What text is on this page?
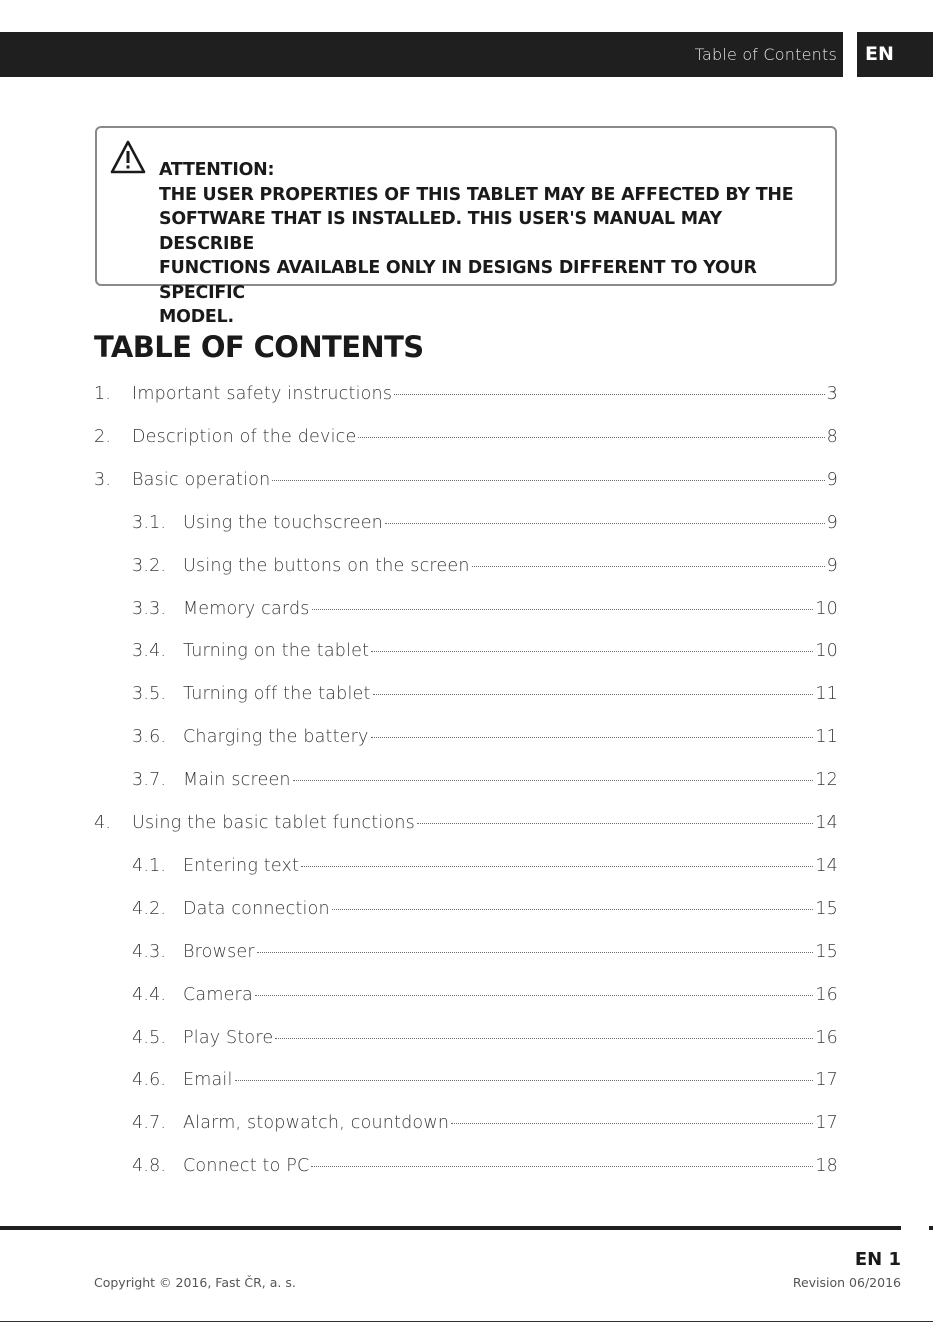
Table of Contents	EN
ATTENTION:
THE USER PROPERTIES OF THIS TABLET MAY BE AFFECTED BY THE
SOFTWARE THAT IS INSTALLED. THIS USER'S MANUAL MAY DESCRIBE
FUNCTIONS AVAILABLE ONLY IN DESIGNS DIFFERENT TO YOUR SPECIFIC
MODEL.
TABLE OF CONTENTS
1. Important safety instructions	3
2. Description of the device	8
3. Basic operation	9
3.1. Using the touchscreen	9
3.2. Using the buttons on the screen	9
3.3. Memory cards	10
3.4. Turning on the tablet	10
3.5. Turning off the tablet	11
3.6. Charging the battery	11
3.7. Main screen	12
4. Using the basic tablet functions	14
4.1. Entering text	14
4.2. Data connection	15
4.3. Browser	15
4.4. Camera	16
4.5. Play Store	16
4.6. Email	17
4.7. Alarm, stopwatch, countdown	17
4.8. Connect to PC	18
EN 1
Copyright © 2016, Fast ČR, a. s.	Revision 06/2016
